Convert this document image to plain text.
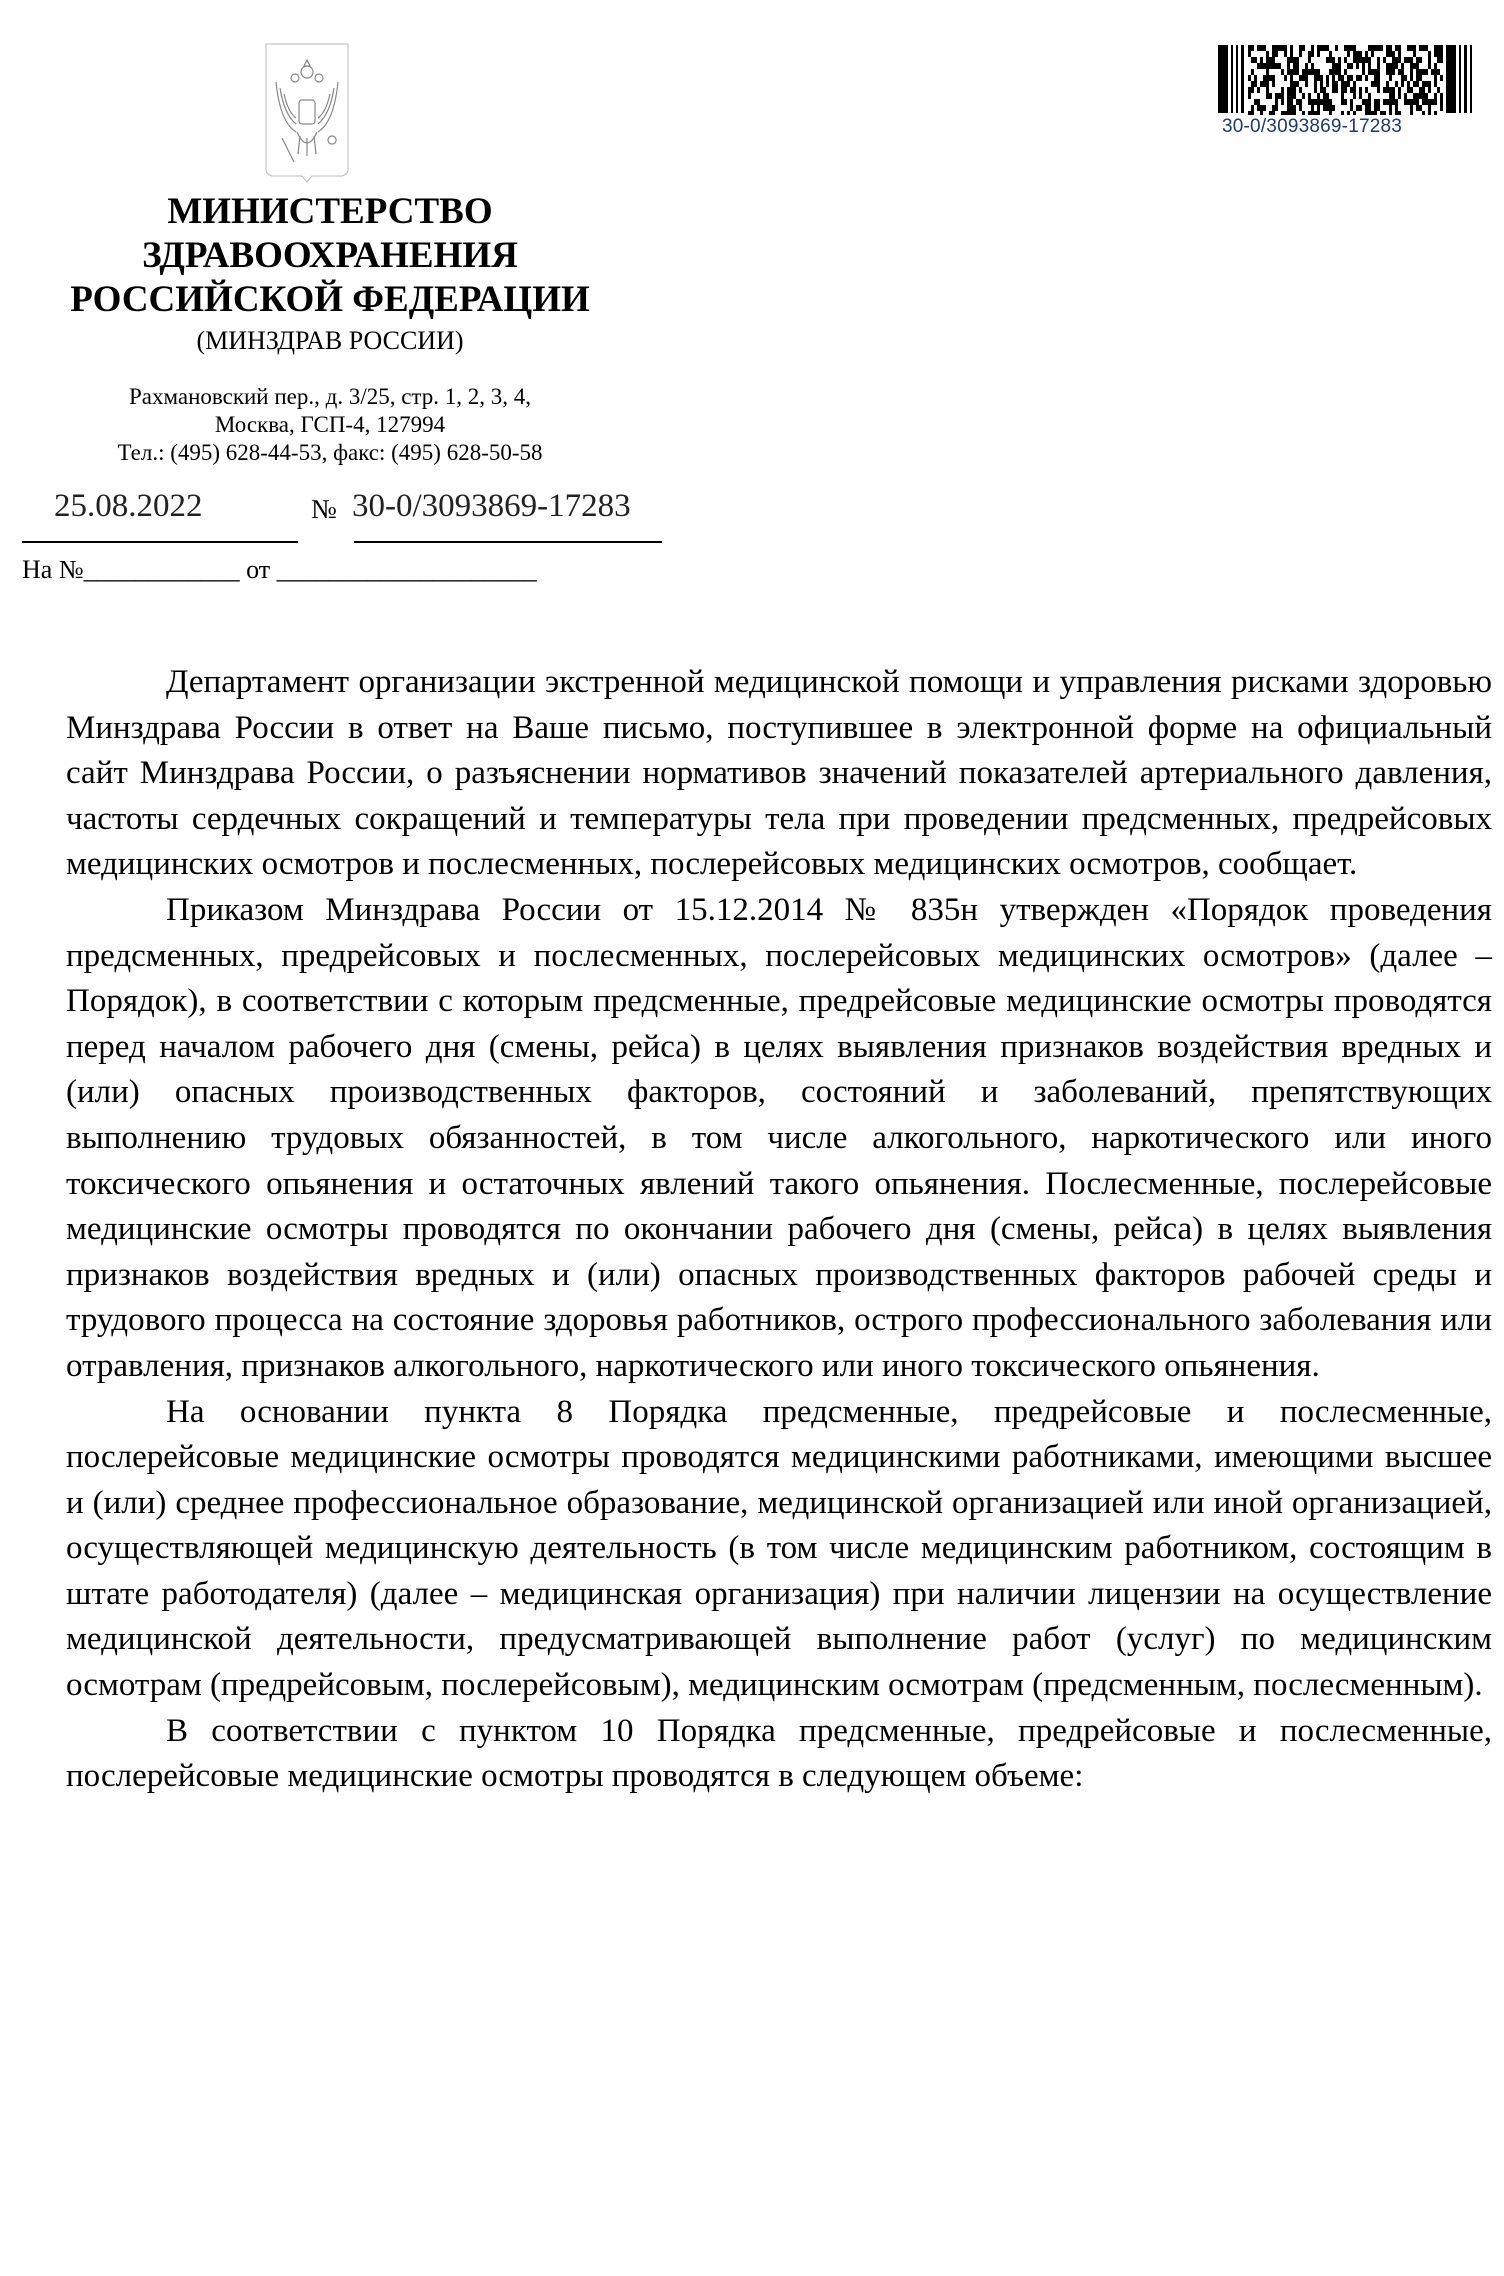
30-0/3093869-17283
МИНИСТЕРСТВО
ЗДРАВООХРАНЕНИЯ
РОССИЙСКОЙ ФЕДЕРАЦИИ
(МИНЗДРАВ РОССИИ)
Рахмановский пер., д. 3/25, стр. 1, 2, 3, 4,
Москва, ГСП-4, 127994
Тел.: (495) 628-44-53, факс: (495) 628-50-58
25.08.2022	№ 30-0/3093869-17283
На №____________ от ____________________

Департамент организации экстренной медицинской помощи и управления рисками здоровью Минздрава России в ответ на Ваше письмо, поступившее в электронной форме на официальный сайт Минздрава России, о разъяснении нормативов значений показателей артериального давления, частоты сердечных сокращений и температуры тела при проведении предсменных, предрейсовых медицинских осмотров и послесменных, послерейсовых медицинских осмотров, сообщает.

Приказом Минздрава России от 15.12.2014 № 835н утвержден «Порядок проведения предсменных, предрейсовых и послесменных, послерейсовых медицинских осмотров» (далее – Порядок), в соответствии с которым предсменные, предрейсовые медицинские осмотры проводятся перед началом рабочего дня (смены, рейса) в целях выявления признаков воздействия вредных и (или) опасных производственных факторов, состояний и заболеваний, препятствующих выполнению трудовых обязанностей, в том числе алкогольного, наркотического или иного токсического опьянения и остаточных явлений такого опьянения. Послесменные, послерейсовые медицинские осмотры проводятся по окончании рабочего дня (смены, рейса) в целях выявления признаков воздействия вредных и (или) опасных производственных факторов рабочей среды и трудового процесса на состояние здоровья работников, острого профессионального заболевания или отравления, признаков алкогольного, наркотического или иного токсического опьянения.

На основании пункта 8 Порядка предсменные, предрейсовые и послесменные, послерейсовые медицинские осмотры проводятся медицинскими работниками, имеющими высшее и (или) среднее профессиональное образование, медицинской организацией или иной организацией, осуществляющей медицинскую деятельность (в том числе медицинским работником, состоящим в штате работодателя) (далее – медицинская организация) при наличии лицензии на осуществление медицинской деятельности, предусматривающей выполнение работ (услуг) по медицинским осмотрам (предрейсовым, послерейсовым), медицинским осмотрам (предсменным, послесменным).

В соответствии с пунктом 10 Порядка предсменные, предрейсовые и послесменные, послерейсовые медицинские осмотры проводятся в следующем объеме:
